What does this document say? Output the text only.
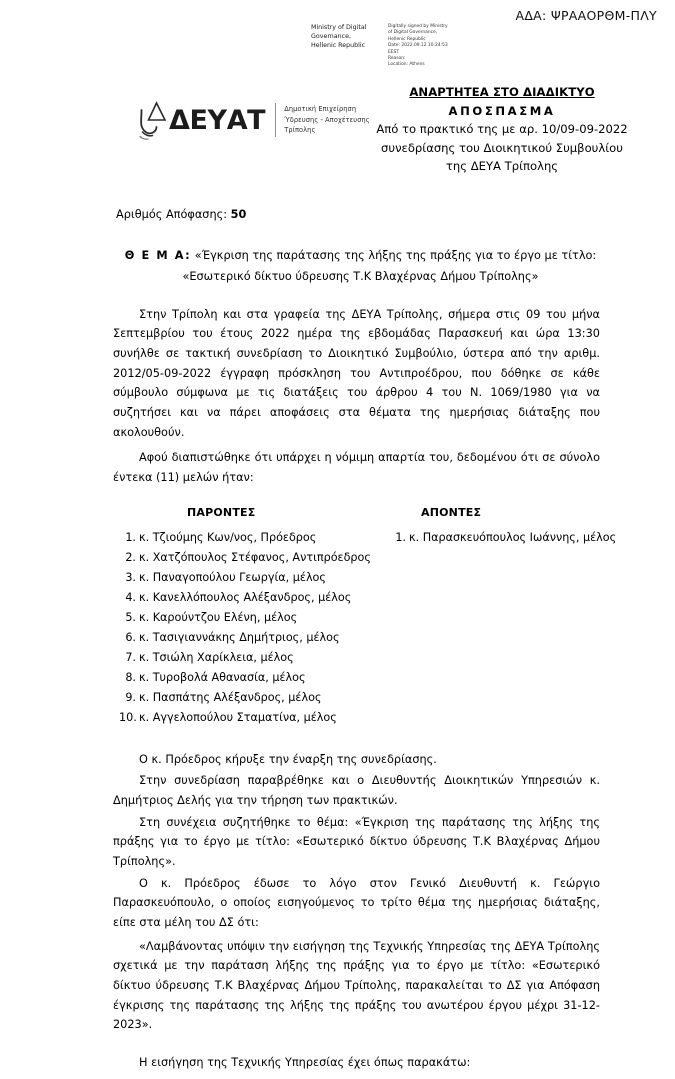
ΑΔΑ: ΨΡΑΑΟΡΘΜ-ΠΛΥ
Ministry of Digital
Governance,
Hellenic Republic
Digitally signed by Ministry
of Digital Governance,
Hellenic Republic
Date: 2022.09.12 10:24:53
EEST
Reason:
Location: Athens
ΔΕΥΑΤ	Δημοτική Επιχείρηση
Ύδρευσης - Αποχέτευσης
Τρίπολης
ΑΝΑΡΤΗΤΕΑ ΣΤΟ ΔΙΑΔΙΚΤΥΟ
ΑΠΟΣΠΑΣΜΑ
Από το πρακτικό της με αρ. 10/09-09-2022
συνεδρίασης του Διοικητικού Συμβουλίου
της ΔΕΥΑ Τρίπολης
Αριθμός Απόφασης: 50
Θ Ε Μ Α: «Έγκριση της παράτασης της λήξης της πράξης για το έργο με τίτλο: «Εσωτερικό δίκτυο ύδρευσης Τ.Κ Βλαχέρνας Δήμου Τρίπολης»

Στην Τρίπολη και στα γραφεία της ΔΕΥΑ Τρίπολης, σήμερα στις 09 του μήνα Σεπτεμβρίου του έτους 2022 ημέρα της εβδομάδας Παρασκευή και ώρα 13:30 συνήλθε σε τακτική συνεδρίαση το Διοικητικό Συμβούλιο, ύστερα από την αριθμ. 2012/05-09-2022 έγγραφη πρόσκληση του Αντιπροέδρου, που δόθηκε σε κάθε σύμβουλο σύμφωνα με τις διατάξεις του άρθρου 4 του Ν. 1069/1980 για να συζητήσει και να πάρει αποφάσεις στα θέματα της ημερήσιας διάταξης που ακολουθούν.

Αφού διαπιστώθηκε ότι υπάρχει η νόμιμη απαρτία του, δεδομένου ότι σε σύνολο έντεκα (11) μελών ήταν:

ΠΑΡΟΝΤΕΣ
1. κ. Τζιούμης Κων/νος, Πρόεδρος
2. κ. Χατζόπουλος Στέφανος, Αντιπρόεδρος
3. κ. Παναγοπούλου Γεωργία, μέλος
4. κ. Κανελλόπουλος Αλέξανδρος, μέλος
5. κ. Καρούντζου Ελένη, μέλος
6. κ. Τασιγιαννάκης Δημήτριος, μέλος
7. κ. Τσιώλη Χαρίκλεια, μέλος
8. κ. Τυροβολά Αθανασία, μέλος
9. κ. Πασπάτης Αλέξανδρος, μέλος
10. κ. Αγγελοπούλου Σταματίνα, μέλος
ΑΠΟΝΤΕΣ
1. κ. Παρασκευόπουλος Ιωάννης, μέλος

Ο κ. Πρόεδρος κήρυξε την έναρξη της συνεδρίασης.

Στην συνεδρίαση παραβρέθηκε και ο Διευθυντής Διοικητικών Υπηρεσιών κ. Δημήτριος Δελής για την τήρηση των πρακτικών.

Στη συνέχεια συζητήθηκε το θέμα: «Έγκριση της παράτασης της λήξης της πράξης για το έργο με τίτλο: «Εσωτερικό δίκτυο ύδρευσης Τ.Κ Βλαχέρνας Δήμου Τρίπολης».

Ο κ. Πρόεδρος έδωσε το λόγο στον Γενικό Διευθυντή κ. Γεώργιο Παρασκευόπουλο, ο οποίος εισηγούμενος το τρίτο θέμα της ημερήσιας διάταξης, είπε στα μέλη του ΔΣ ότι:

«Λαμβάνοντας υπόψιν την εισήγηση της Τεχνικής Υπηρεσίας της ΔΕΥΑ Τρίπολης σχετικά με την παράταση λήξης της πράξης για το έργο με τίτλο: «Εσωτερικό δίκτυο ύδρευσης Τ.Κ Βλαχέρνας Δήμου Τρίπολης, παρακαλείται το ΔΣ για Απόφαση έγκρισης της παράτασης της λήξης της πράξης του ανωτέρου έργου μέχρι 31-12-2023».

Η εισήγηση της Τεχνικής Υπηρεσίας έχει όπως παρακάτω:
